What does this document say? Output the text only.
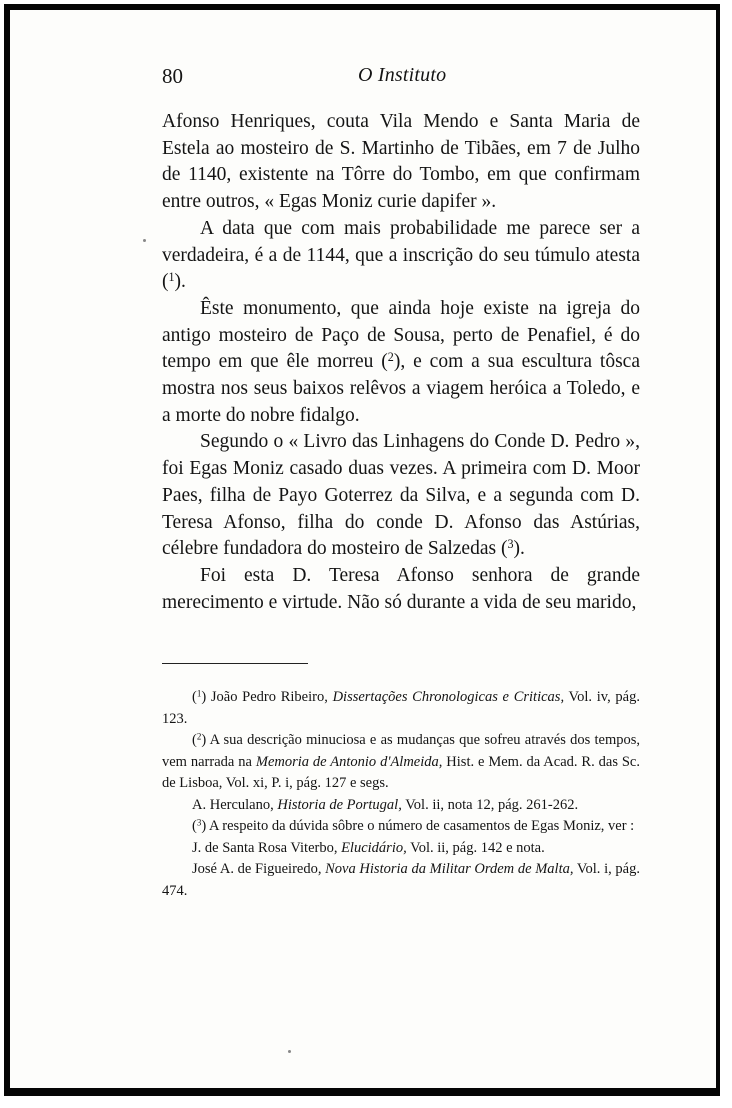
80	O Instituto

Afonso Henriques, couta Vila Mendo e Santa Maria de Estela ao mosteiro de S. Martinho de Tibães, em 7 de Julho de 1140, existente na Tôrre do Tombo, em que confirmam entre outros, « Egas Moniz curie dapifer ».

A data que com mais probabilidade me parece ser a verdadeira, é a de 1144, que a inscrição do seu túmulo atesta ($^1$).

Êste monumento, que ainda hoje existe na igreja do antigo mosteiro de Paço de Sousa, perto de Penafiel, é do tempo em que êle morreu ($^2$), e com a sua escultura tôsca mostra nos seus baixos relêvos a viagem heróica a Toledo, e a morte do nobre fidalgo.

Segundo o « Livro das Linhagens do Conde D. Pedro », foi Egas Moniz casado duas vezes. A primeira com D. Moor Paes, filha de Payo Goterrez da Silva, e a segunda com D. Teresa Afonso, filha do conde D. Afonso das Astúrias, célebre fundadora do mosteiro de Salzedas ($^3$).

Foi esta D. Teresa Afonso senhora de grande merecimento e virtude. Não só durante a vida de seu marido,

($^1$) João Pedro Ribeiro, Dissertações Chronologicas e Criticas, Vol. iv, pág. 123.

($^2$) A sua descrição minuciosa e as mudanças que sofreu através dos tempos, vem narrada na Memoria de Antonio d'Almeida, Hist. e Mem. da Acad. R. das Sc. de Lisboa, Vol. xi, P. i, pág. 127 e segs.

A. Herculano, Historia de Portugal, Vol. ii, nota 12, pág. 261-262.

($^3$) A respeito da dúvida sôbre o número de casamentos de Egas Moniz, ver :

J. de Santa Rosa Viterbo, Elucidário, Vol. ii, pág. 142 e nota.

José A. de Figueiredo, Nova Historia da Militar Ordem de Malta, Vol. i, pág. 474.
